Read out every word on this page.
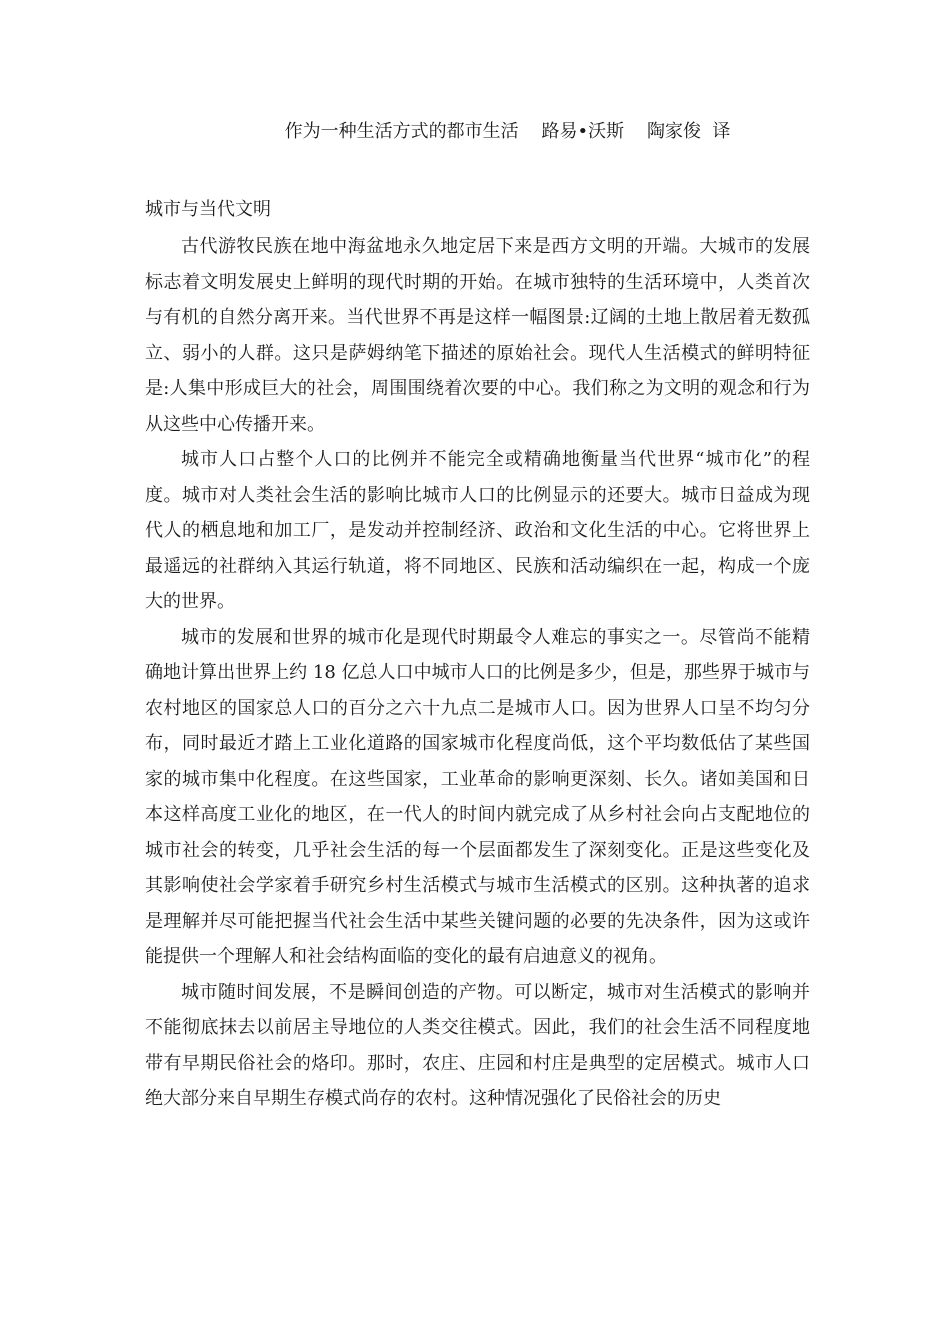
作为一种生活方式的都市生活    路易•沃斯    陶家俊  译
城市与当代文明

古代游牧民族在地中海盆地永久地定居下来是西方文明的开端。大城市的发展标志着文明发展史上鲜明的现代时期的开始。在城市独特的生活环境中，人类首次与有机的自然分离开来。当代世界不再是这样一幅图景:辽阔的土地上散居着无数孤立、弱小的人群。这只是萨姆纳笔下描述的原始社会。现代人生活模式的鲜明特征是:人集中形成巨大的社会，周围围绕着次要的中心。我们称之为文明的观念和行为从这些中心传播开来。

城市人口占整个人口的比例并不能完全或精确地衡量当代世界“城市化”的程度。城市对人类社会生活的影响比城市人口的比例显示的还要大。城市日益成为现代人的栖息地和加工厂，是发动并控制经济、政治和文化生活的中心。它将世界上最遥远的社群纳入其运行轨道，将不同地区、民族和活动编织在一起，构成一个庞大的世界。

城市的发展和世界的城市化是现代时期最令人难忘的事实之一。尽管尚不能精确地计算出世界上约 18 亿总人口中城市人口的比例是多少，但是，那些界于城市与农村地区的国家总人口的百分之六十九点二是城市人口。因为世界人口呈不均匀分布，同时最近才踏上工业化道路的国家城市化程度尚低，这个平均数低估了某些国家的城市集中化程度。在这些国家，工业革命的影响更深刻、长久。诸如美国和日本这样高度工业化的地区，在一代人的时间内就完成了从乡村社会向占支配地位的城市社会的转变，几乎社会生活的每一个层面都发生了深刻变化。正是这些变化及其影响使社会学家着手研究乡村生活模式与城市生活模式的区别。这种执著的追求是理解并尽可能把握当代社会生活中某些关键问题的必要的先决条件，因为这或许能提供一个理解人和社会结构面临的变化的最有启迪意义的视角。

城市随时间发展，不是瞬间创造的产物。可以断定，城市对生活模式的影响并不能彻底抹去以前居主导地位的人类交往模式。因此，我们的社会生活不同程度地带有早期民俗社会的烙印。那时，农庄、庄园和村庄是典型的定居模式。城市人口绝大部分来自早期生存模式尚存的农村。这种情况强化了民俗社会的历史
